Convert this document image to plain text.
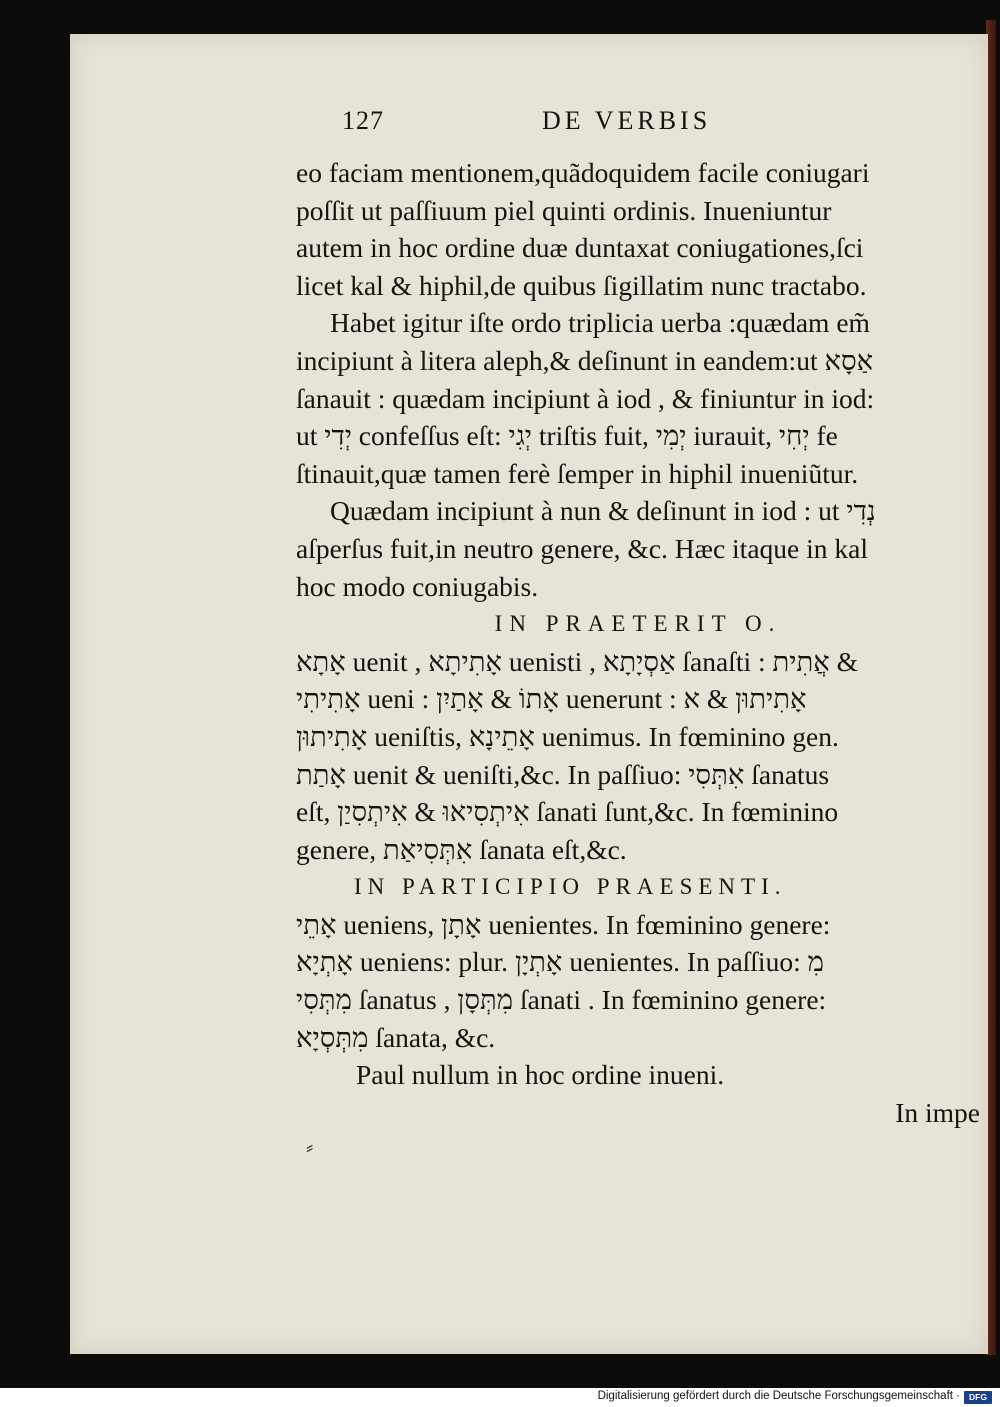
127	DE VERBIS
eo faciam mentionem,quãdoquidem facile coniugari
poſſit ut paſſiuum piel quinti ordinis. Inueniuntur
autem in hoc ordine duæ duntaxat coniugationes,ſci
licet kal & hiphil,de quibus ſigillatim nunc tractabo.
Habet igitur iſte ordo triplicia uerba :quædam em̃
incipiunt à litera aleph,& deſinunt in eandem:ut אַסָא
ſanauit : quædam incipiunt à iod , & finiuntur in iod:
ut יְדִי confeſſus eſt: יְגִי triſtis fuit, יְמִי iurauit, יְחִי fe
ſtinauit,quæ tamen ferè ſemper in hiphil inueniũtur.
Quædam incipiunt à nun & deſinunt in iod : ut נְדִי
aſperſus fuit,in neutro genere, &c. Hæc itaque in kal
hoc modo coniugabis.
IN PRAETERIT O.
אָתָא uenit , אָתִיתָא uenisti , אַסְיָתָא ſanaſti : אֲתִית &
אָתִיתִי ueni : אָתוֹ & אָתַיִן uenerunt : אָתִיתוּן & א
אָתִיתוּן ueniſtis, אָתֵינָא uenimus. In fœminino gen.
אָתַת uenit & ueniſti,&c. In paſſiuo: אִתְּסִי ſanatus
eſt, אִיתְסִיאוּ & אִיתְסִיַן ſanati ſunt,&c. In fœminino
genere, אִתְּסִיאַת ſanata eſt,&c.
IN PARTICIPIO PRAESENTI.
אָתֵי ueniens, אָתָן uenientes. In fœminino genere:
אָתְיָא ueniens: plur. אָתְיָן uenientes. In paſſiuo: מִ
מִתְּסִי ſanatus , מִתְּסָן ſanati . In fœminino genere:
מִתְּסְיָא ſanata, &c.
Paul nullum in hoc ordine inueni.
In impe
⸗
Digitalisierung gefördert durch die Deutsche Forschungsgemeinschaft ·	DFG
